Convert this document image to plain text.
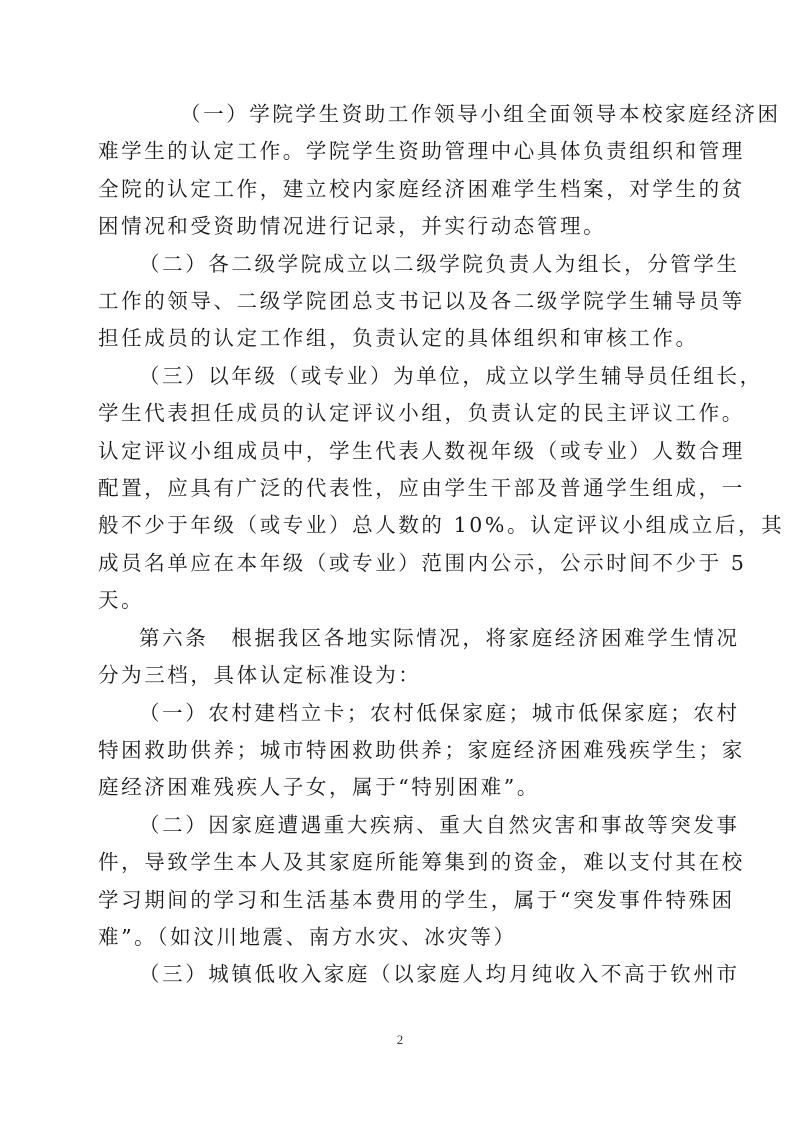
（一）学院学生资助工作领导小组全面领导本校家庭经济困
难学生的认定工作。学院学生资助管理中心具体负责组织和管理
全院的认定工作，建立校内家庭经济困难学生档案，对学生的贫
困情况和受资助情况进行记录，并实行动态管理。
（二）各二级学院成立以二级学院负责人为组长，分管学生
工作的领导、二级学院团总支书记以及各二级学院学生辅导员等
担任成员的认定工作组，负责认定的具体组织和审核工作。
（三）以年级（或专业）为单位，成立以学生辅导员任组长，
学生代表担任成员的认定评议小组，负责认定的民主评议工作。
认定评议小组成员中，学生代表人数视年级（或专业）人数合理
配置，应具有广泛的代表性，应由学生干部及普通学生组成，一
般不少于年级（或专业）总人数的 10%。认定评议小组成立后，其
成员名单应在本年级（或专业）范围内公示，公示时间不少于 5
天。
第六条　根据我区各地实际情况，将家庭经济困难学生情况
分为三档，具体认定标准设为：
（一）农村建档立卡；农村低保家庭；城市低保家庭；农村
特困救助供养；城市特困救助供养；家庭经济困难残疾学生；家
庭经济困难残疾人子女，属于“特别困难”。
（二）因家庭遭遇重大疾病、重大自然灾害和事故等突发事
件，导致学生本人及其家庭所能筹集到的资金，难以支付其在校
学习期间的学习和生活基本费用的学生，属于“突发事件特殊困
难”。（如汶川地震、南方水灾、冰灾等）
（三）城镇低收入家庭（以家庭人均月纯收入不高于钦州市
2
